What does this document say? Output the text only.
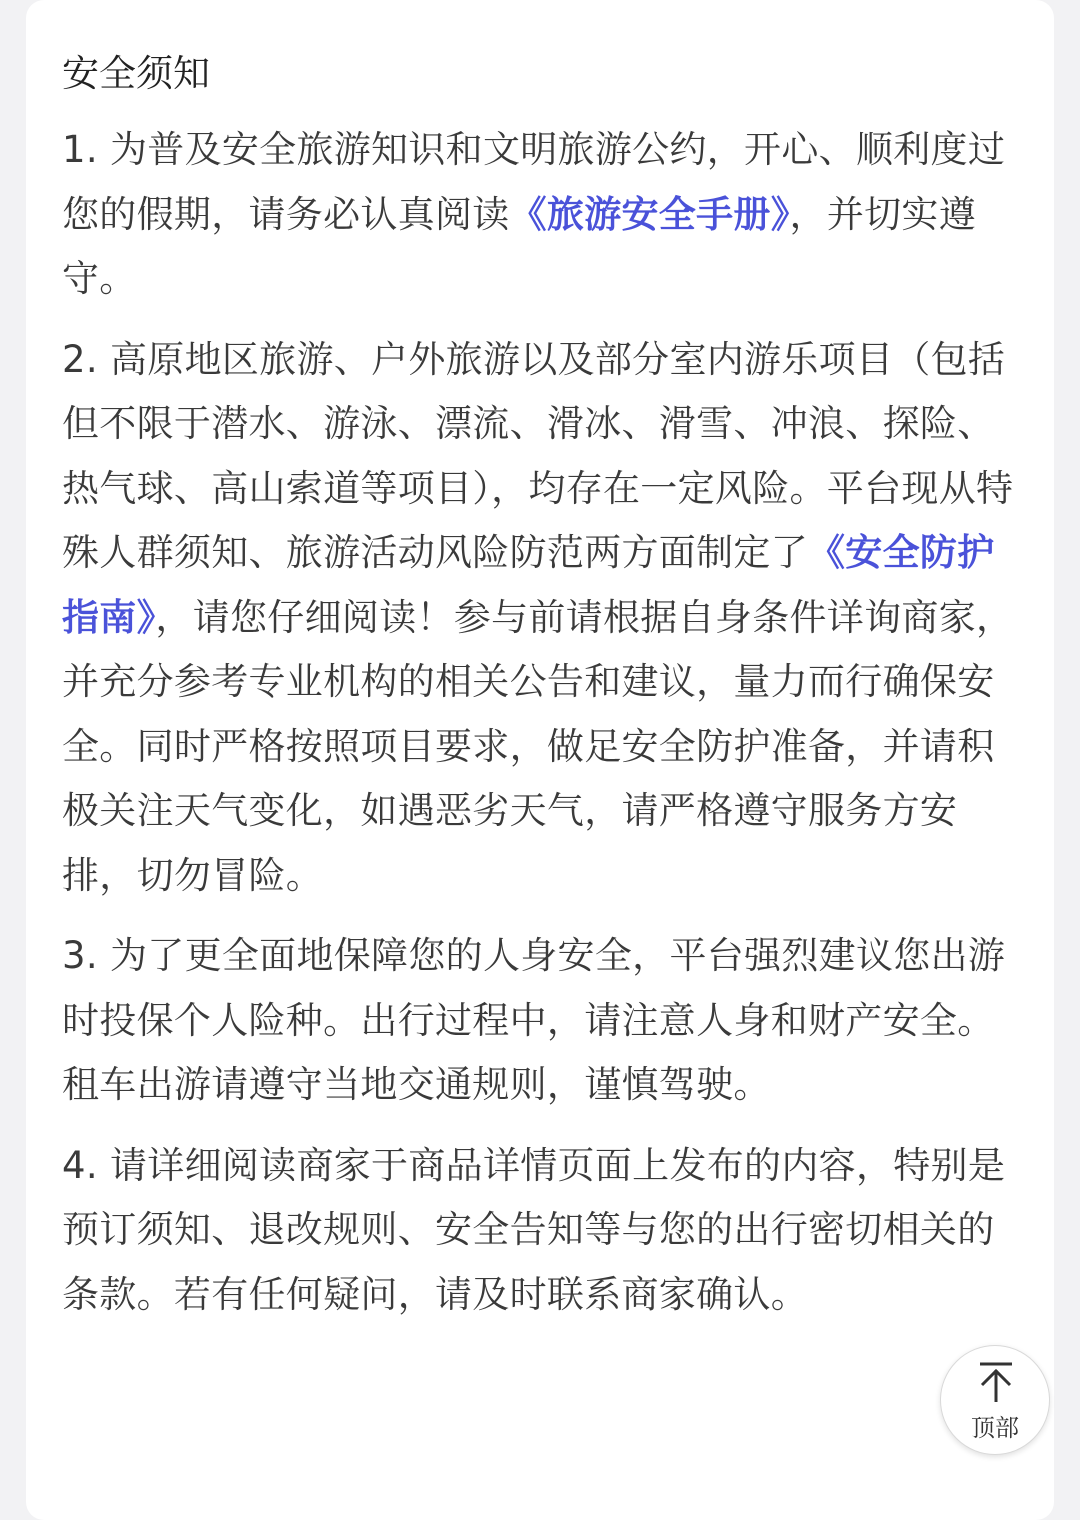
安全须知

1. 为普及安全旅游知识和文明旅游公约，开心、顺利度过您的假期，请务必认真阅读《旅游安全手册》，并切实遵守。

2. 高原地区旅游、户外旅游以及部分室内游乐项目（包括但不限于潜水、游泳、漂流、滑冰、滑雪、冲浪、探险、热气球、高山索道等项目），均存在一定风险。平台现从特殊人群须知、旅游活动风险防范两方面制定了《安全防护指南》，请您仔细阅读！参与前请根据自身条件详询商家，并充分参考专业机构的相关公告和建议，量力而行确保安全。同时严格按照项目要求，做足安全防护准备，并请积极关注天气变化，如遇恶劣天气，请严格遵守服务方安排，切勿冒险。

3. 为了更全面地保障您的人身安全，平台强烈建议您出游时投保个人险种。出行过程中，请注意人身和财产安全。租车出游请遵守当地交通规则，谨慎驾驶。

4. 请详细阅读商家于商品详情页面上发布的内容，特别是预订须知、退改规则、安全告知等与您的出行密切相关的条款。若有任何疑问，请及时联系商家确认。

顶部
